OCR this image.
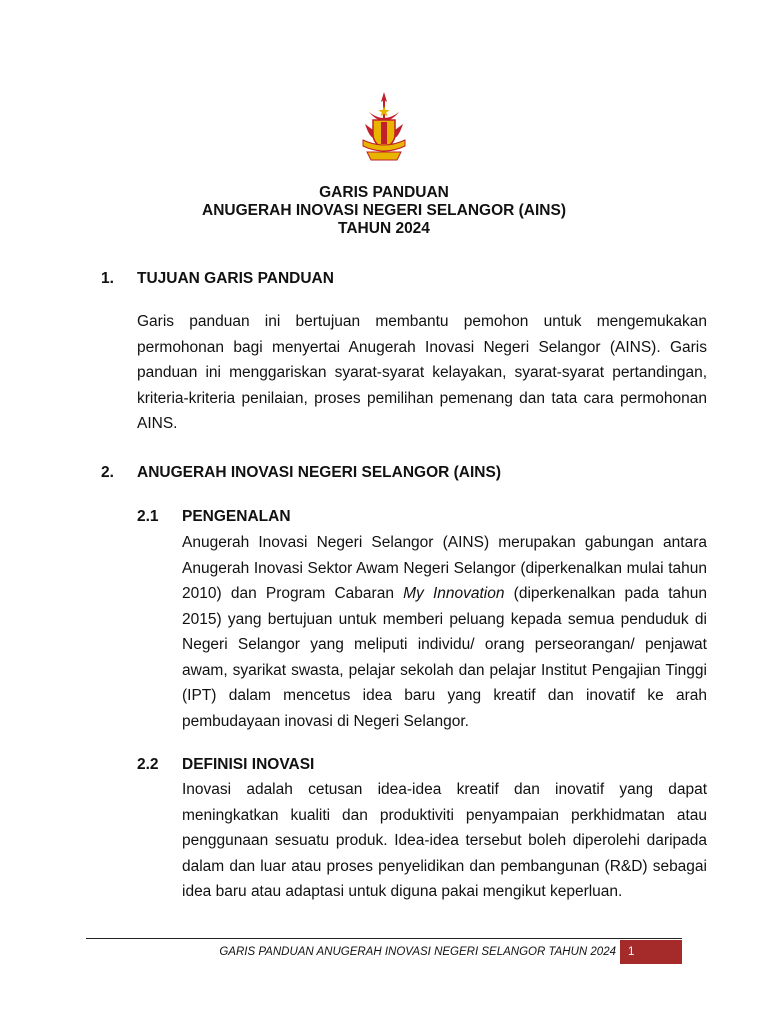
GARIS PANDUAN
ANUGERAH INOVASI NEGERI SELANGOR (AINS)
TAHUN 2024
1. TUJUAN GARIS PANDUAN
Garis panduan ini bertujuan membantu pemohon untuk mengemukakan
permohonan bagi menyertai Anugerah Inovasi Negeri Selangor (AINS). Garis
panduan ini menggariskan syarat-syarat kelayakan, syarat-syarat pertandingan,
kriteria-kriteria penilaian, proses pemilihan pemenang dan tata cara permohonan
AINS.
2. ANUGERAH INOVASI NEGERI SELANGOR (AINS)
2.1 PENGENALAN
Anugerah Inovasi Negeri Selangor (AINS) merupakan gabungan antara
Anugerah Inovasi Sektor Awam Negeri Selangor (diperkenalkan mulai tahun
2010) dan Program Cabaran My Innovation (diperkenalkan pada tahun
2015) yang bertujuan untuk memberi peluang kepada semua penduduk di
Negeri Selangor yang meliputi individu/ orang perseorangan/ penjawat
awam, syarikat swasta, pelajar sekolah dan pelajar Institut Pengajian Tinggi
(IPT) dalam mencetus idea baru yang kreatif dan inovatif ke arah
pembudayaan inovasi di Negeri Selangor.
2.2 DEFINISI INOVASI
Inovasi adalah cetusan idea-idea kreatif dan inovatif yang dapat
meningkatkan kualiti dan produktiviti penyampaian perkhidmatan atau
penggunaan sesuatu produk. Idea-idea tersebut boleh diperolehi daripada
dalam dan luar atau proses penyelidikan dan pembangunan (R&D) sebagai
idea baru atau adaptasi untuk diguna pakai mengikut keperluan.
GARIS PANDUAN ANUGERAH INOVASI NEGERI SELANGOR TAHUN 2024	1
